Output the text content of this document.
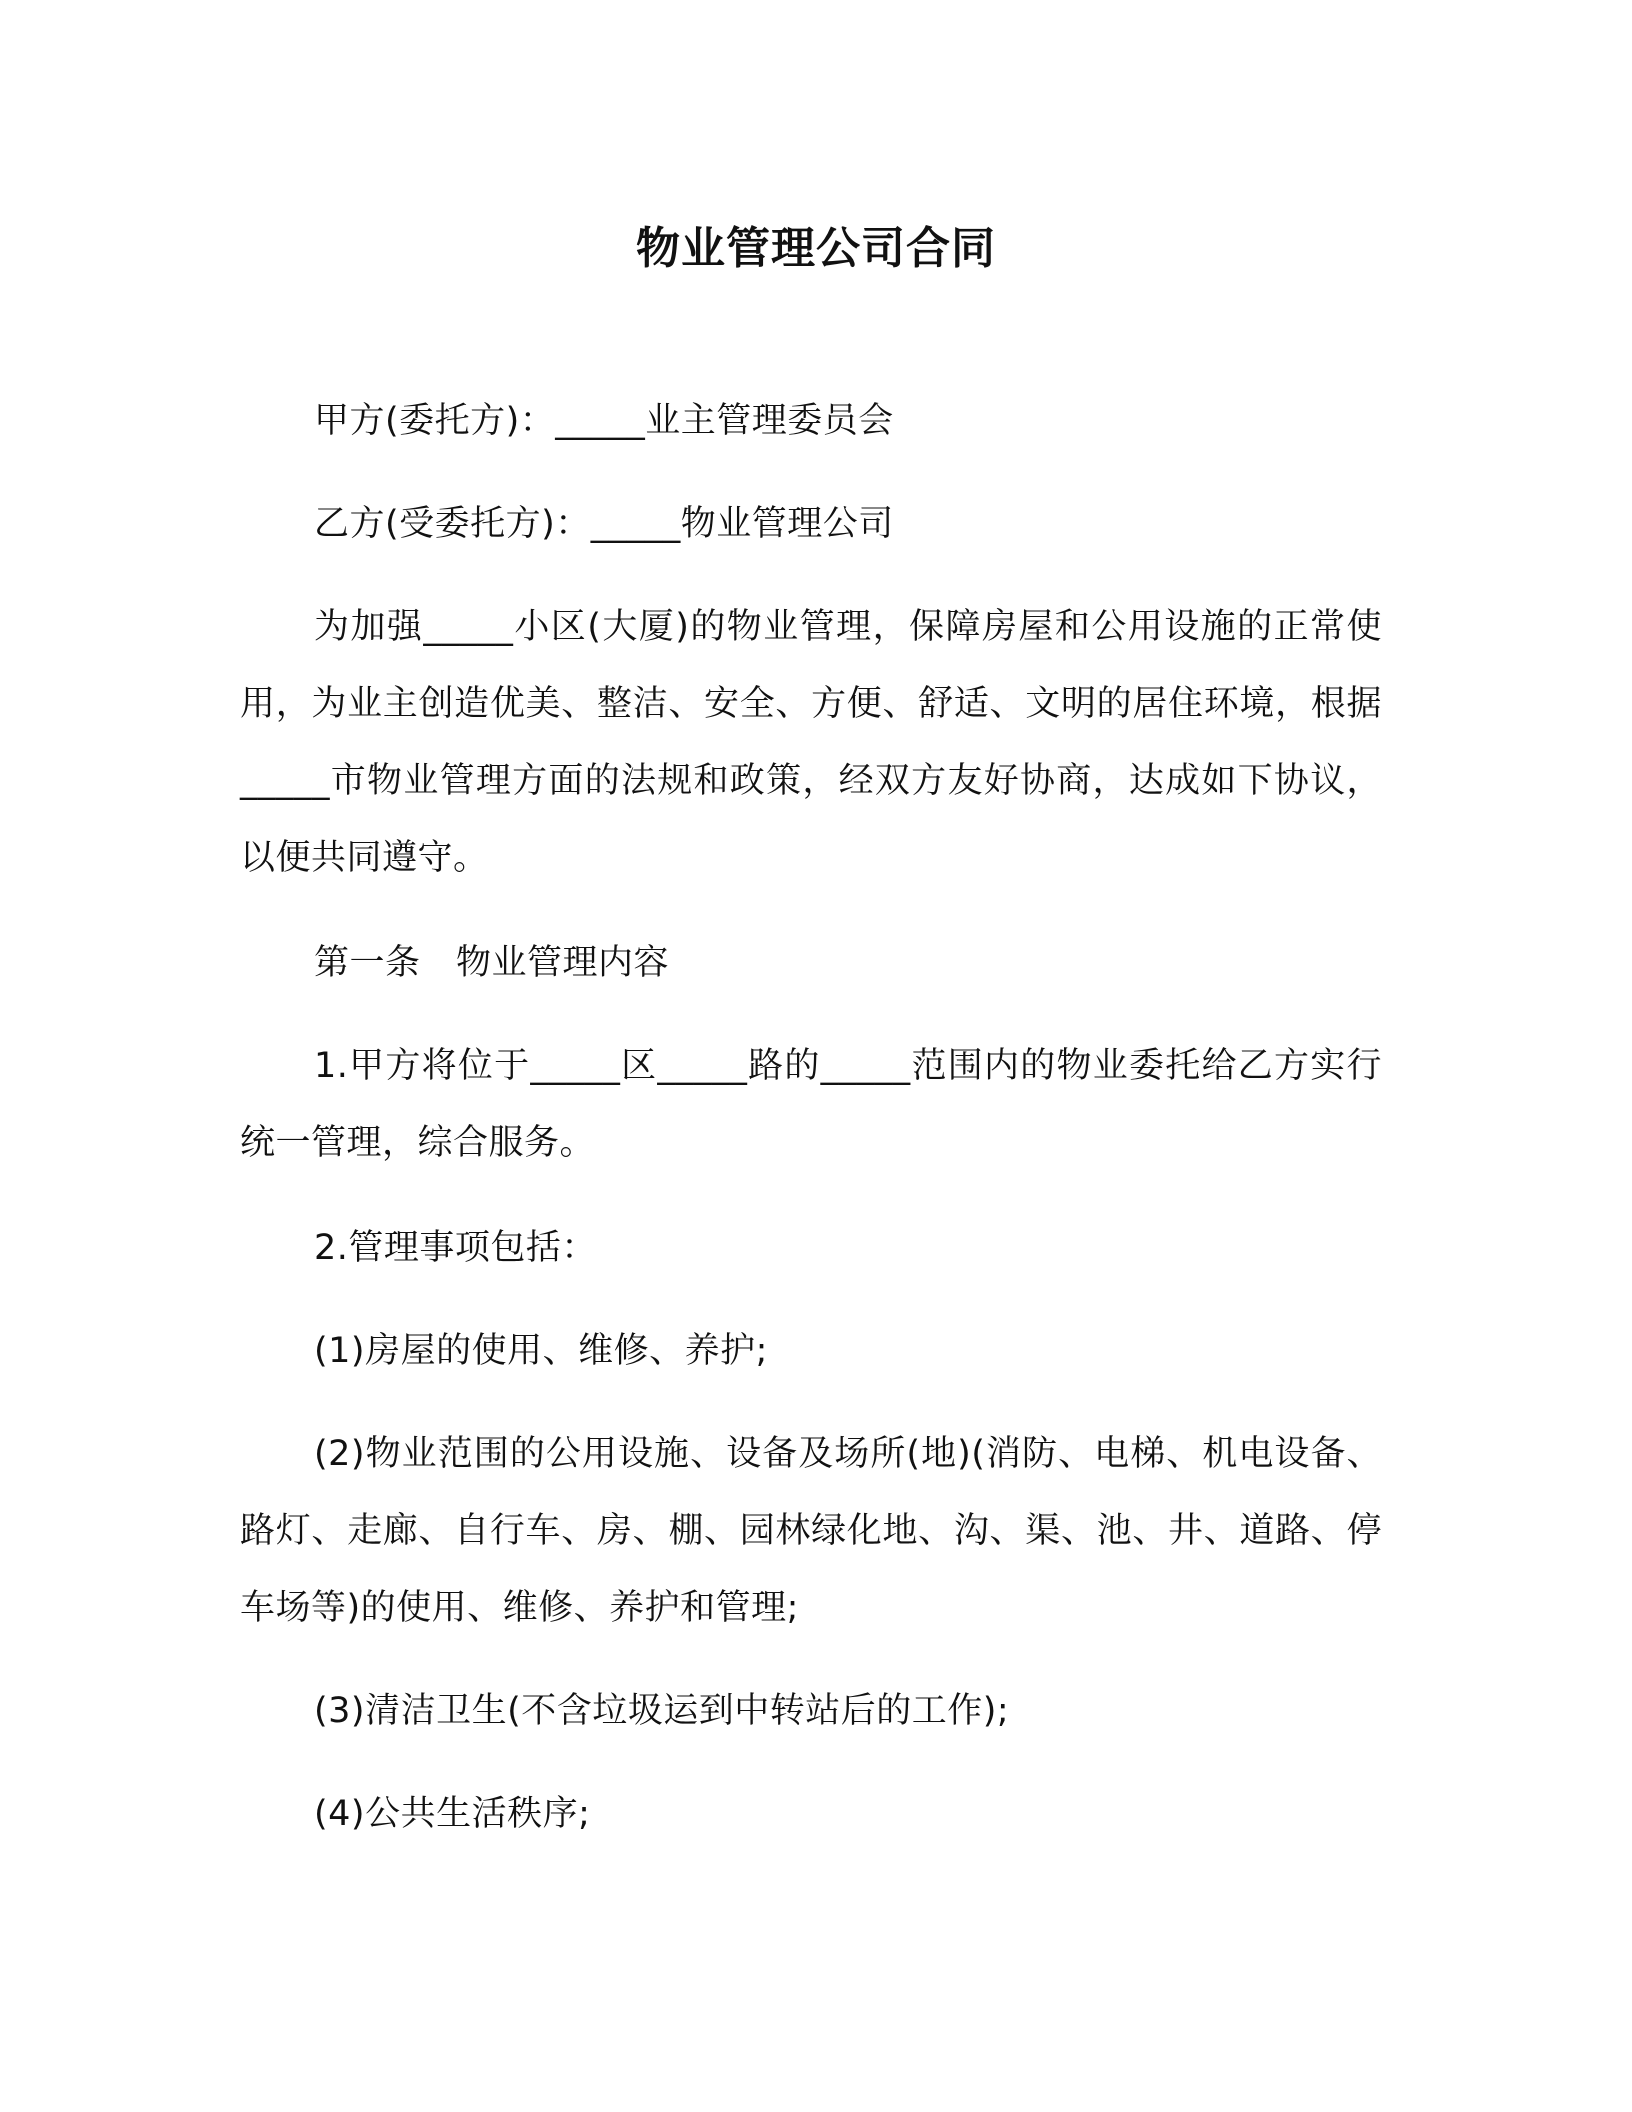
物业管理公司合同

甲方(委托方)：_____业主管理委员会

乙方(受委托方)：_____物业管理公司

为加强_____小区(大厦)的物业管理，保障房屋和公用设施的正常使用，为业主创造优美、整洁、安全、方便、舒适、文明的居住环境，根据_____市物业管理方面的法规和政策，经双方友好协商，达成如下协议，以便共同遵守。

第一条　物业管理内容

1.甲方将位于_____区_____路的_____范围内的物业委托给乙方实行统一管理，综合服务。

2.管理事项包括：

(1)房屋的使用、维修、养护;

(2)物业范围的公用设施、设备及场所(地)(消防、电梯、机电设备、路灯、走廊、自行车、房、棚、园林绿化地、沟、渠、池、井、道路、停车场等)的使用、维修、养护和管理;

(3)清洁卫生(不含垃圾运到中转站后的工作);

(4)公共生活秩序;
